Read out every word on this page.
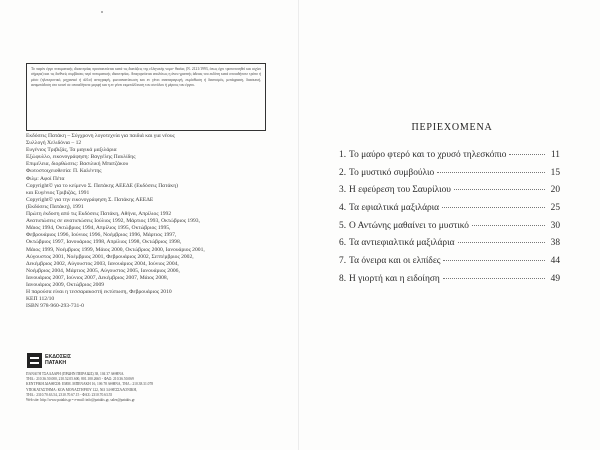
Το παρόν έργο πνευματικής ιδιοκτησίας προστατεύεται κατά τις διατάξεις της ελληνικής νομο- θεσίας (Ν. 2121/1993, όπως έχει τροποποιηθεί και ισχύει σήμερα) και τις διεθνείς συμβάσεις περί πνευματικής ιδιοκτησίας. Απαγορεύεται απολύτως η άνευ γραπτής άδειας του εκδότη κατά οποιοδήποτε τρόπο ή μέσο (ηλεκτρονικό, μηχανικό ή άλλο) αντιγραφή, φωτοανατύπωση και εν γένει αναπαραγωγή, εκμίσθωση ή δανεισμός, μετάφραση, διασκευή, αναμετάδοση στο κοινό σε οποιαδήποτε μορφή και η εν γένει εκμετάλλευση του συνόλου ή μέρους του έργου.

Εκδόσεις Πατάκη – Σύγχρονη λογοτεχνία για παιδιά και για νέους
Συλλογή Χελιδόνια – 12
Ευγένιος Τριβιζάς, Τα μαγικά μαξιλάρια
Εξώφυλλο, εικονογράφηση: Βαγγέλης Παυλίδης
Επιμέλεια, διορθώσεις: Βασιλική Μπατζάκου
Φωτοστοιχειοθεσία: Π. Καλέντης
Φιλμ: Αφοί Πέτα
Copyright© για το κείμενο Σ. Πατάκης ΑΕΕΔΕ (Εκδόσεις Πατάκη)
και Ευγένιος Τριβιζάς, 1991
Copyright© για την εικονογράφηση Σ. Πατάκης ΑΕΕΔΕ
(Εκδόσεις Πατάκη), 1991
Πρώτη έκδοση από τις Εκδόσεις Πατάκη, Αθήνα, Απρίλιος 1992
Ανατυπώσεις σε ανατυπώσεις Ιούλιος 1992, Μάρτιος 1993, Οκτώβριος 1993,
Μάιος 1994, Οκτώβριος 1994, Απρίλιος 1995, Οκτώβριος 1995,
Φεβρουάριος 1996, Ιούνιος 1996, Νοέμβριος 1996, Μάρτιος 1997,
Οκτώβριος 1997, Ιανουάριος 1998, Απρίλιος 1998, Οκτώβριος 1998,
Μάιος 1999, Νοέμβριος 1999, Μάιος 2000, Οκτώβριος 2000, Ιανουάριος 2001,
Αύγουστος 2001, Νοέμβριος 2001, Φεβρουάριος 2002, Σεπτέμβριος 2002,
Δεκέμβριος 2002, Αύγουστος 2003, Ιανουάριος 2004, Ιούνιος 2004,
Νοέμβριος 2004, Μάρτιος 2005, Αύγουστος 2005, Ιανουάριος 2006,
Ιανουάριος 2007, Ιούνιος 2007, Δεκέμβριος 2007, Μάιος 2008,
Ιανουάριος 2009, Οκτώβριος 2009
Η παρούσα είναι η τεσσαρακοστή εκτύπωση, Φεβρουάριος 2010
ΚΕΠ 112/10
ISBN 978-960-293-731-0
ΕΚΔΟΣΕΙΣ
ΠΑΤΑΚΗ
ΠΑΝΑΓΗ ΤΣΑΛΔΑΡΗ (ΠΡΩΗΝ ΠΕΙΡΑΙΩΣ) 38, 104 37 ΑΘΗΝΑ.
ΤΗΛ.: 210.36.50.000, 210.52.05.600, 801.100.2665 - ΦΑΞ: 210.36.50.069
ΚΕΝΤΡΙΚΗ ΔΙΑΘΕΣΗ: ΕΜΜ. ΜΠΕΝΑΚΗ 16, 106 78 ΑΘΗΝΑ, ΤΗΛ.: 210.38.31.078
ΥΠΟΚΑΤΑΣΤΗΜΑ: ΚΟΑ ΜΟΝΑΣΤΗΡΙΟΥ 122, 563 34 ΘΕΣΣΑΛΟΝΙΚΗ,
ΤΗΛ.: 2310.70.63.54, 2310.70.67.15 - ΦΑΞ: 2310.70.63.55
Web site: http://www.patakis.gr • e-mail: info@patakis.gr, sales@patakis.gr
ΠΕΡΙΕΧΟΜΕΝΑ
1. Το μαύρο φτερό και το χρυσό τηλεσκόπιο	11
2. Το μυστικό συμβούλιο	15
3. Η εφεύρεση του Σαυρίλιου	20
4. Τα εφιαλτικά μαξιλάρια	25
5. Ο Αντώνης μαθαίνει το μυστικό	30
6. Τα αντιεφιαλτικά μαξιλάρια	38
7. Τα όνειρα και οι ελπίδες	44
8. Η γιορτή και η ειδοίηση	49
